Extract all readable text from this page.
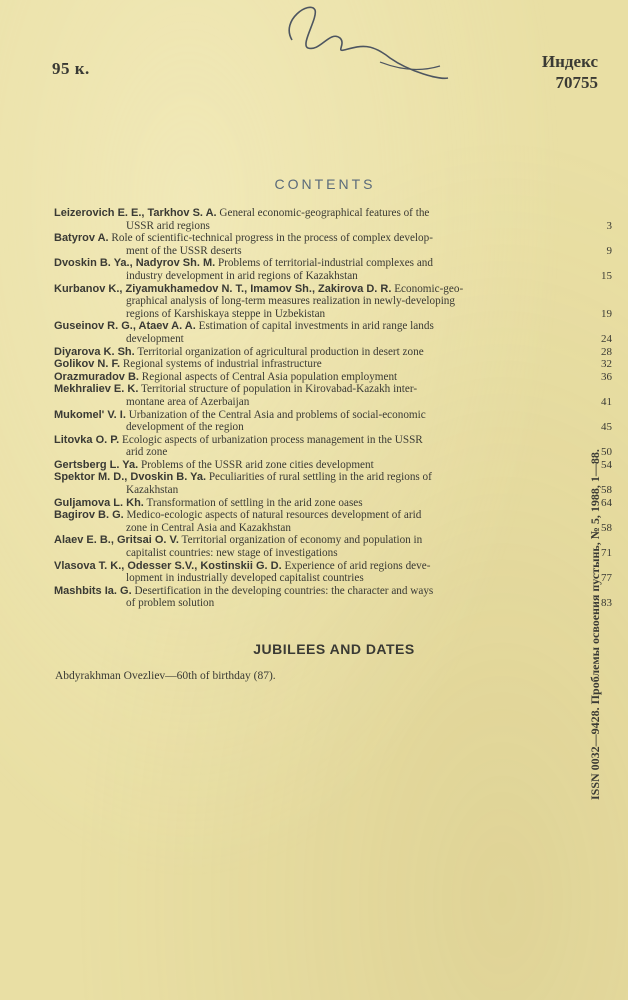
95 к.	Индекс
70755
CONTENTS
Leizerovich E. E., Tarkhov S. A. General economic-geographical features of the
USSR arid regions	3
Batyrov A. Role of scientific-technical progress in the process of complex develop-
ment of the USSR deserts	9
Dvoskin B. Ya., Nadyrov Sh. M. Problems of territorial-industrial complexes and
industry development in arid regions of Kazakhstan	15
Kurbanov K., Ziyamukhamedov N. T., Imamov Sh., Zakirova D. R. Economic-geo-
graphical analysis of long-term measures realization in newly-developing
regions of Karshiskaya steppe in Uzbekistan	19
Guseinov R. G., Ataev A. A. Estimation of capital investments in arid range lands
development	24
Diyarova K. Sh. Territorial organization of agricultural production in desert zone	28
Golikov N. F. Regional systems of industrial infrastructure	32
Orazmuradov B. Regional aspects of Central Asia population employment	36
Mekhraliev E. K. Territorial structure of population in Kirovabad-Kazakh inter-
montane area of Azerbaijan	41
Mukomel' V. I. Urbanization of the Central Asia and problems of social-economic
development of the region	45
Litovka O. P. Ecologic aspects of urbanization process management in the USSR
arid zone	50
Gertsberg L. Ya. Problems of the USSR arid zone cities development	54
Spektor M. D., Dvoskin B. Ya. Peculiarities of rural settling in the arid regions of
Kazakhstan	58
Guljamova L. Kh. Transformation of settling in the arid zone oases	64
Bagirov B. G. Medico-ecologic aspects of natural resources development of arid
zone in Central Asia and Kazakhstan	58
Alaev E. B., Gritsai O. V. Territorial organization of economy and population in
capitalist countries: new stage of investigations	71
Vlasova T. K., Odesser S.V., Kostinskii G. D. Experience of arid regions deve-
lopment in industrially developed capitalist countries	77
Mashbits Ia. G. Desertification in the developing countries: the character and ways
of problem solution	83
JUBILEES AND DATES
Abdyrakhman Ovezliev—60th of birthday (87).	ISSN 0032—9428. Проблемы освоения пустынь, № 5, 1988, 1—88.
